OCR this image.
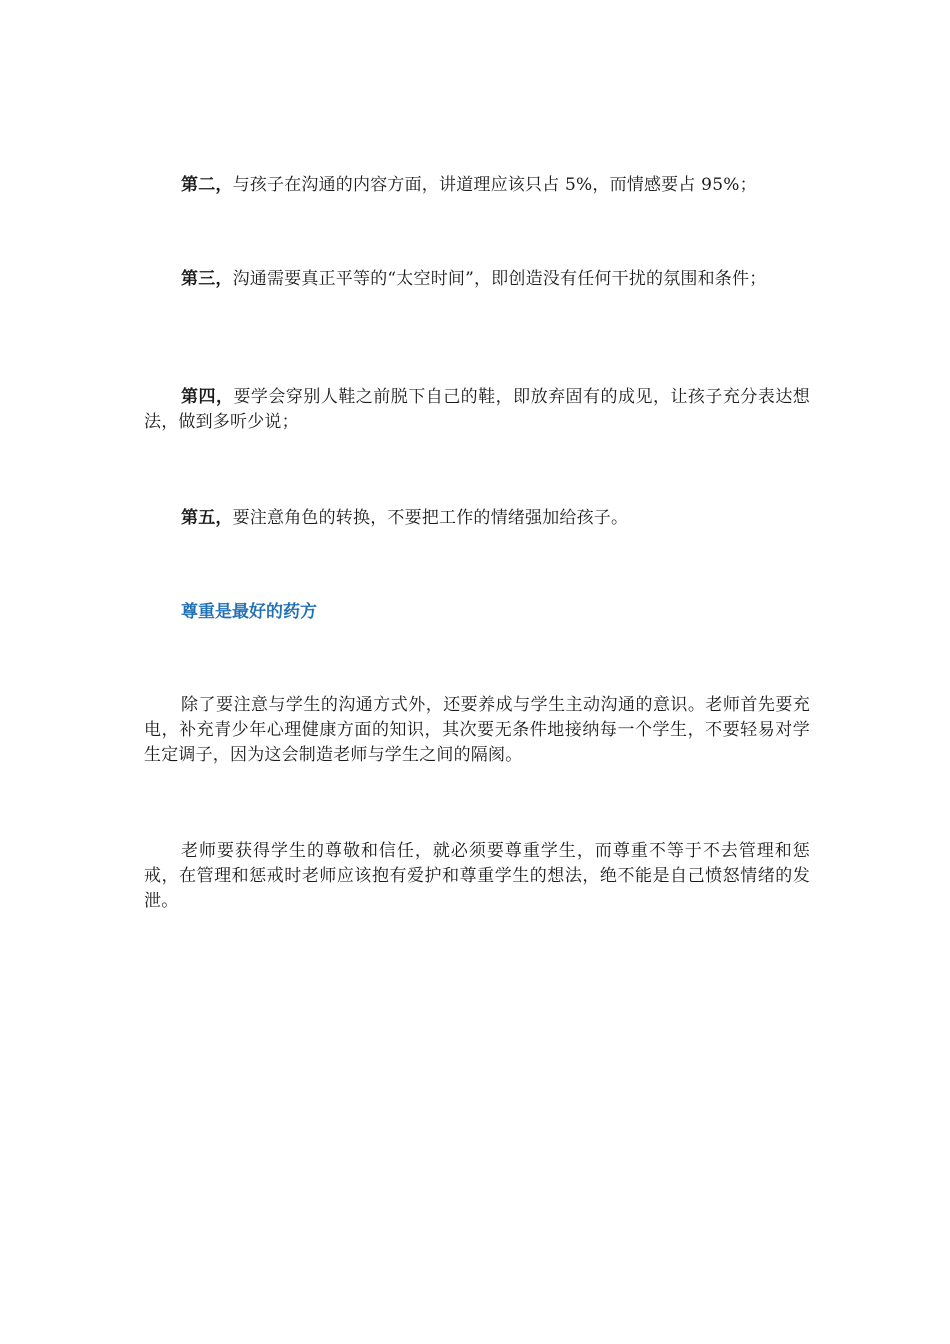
第二，与孩子在沟通的内容方面，讲道理应该只占 5%，而情感要占 95%；

第三，沟通需要真正平等的“太空时间”，即创造没有任何干扰的氛围和条件；

第四，要学会穿别人鞋之前脱下自己的鞋，即放弃固有的成见，让孩子充分表达想法，做到多听少说；

第五，要注意角色的转换，不要把工作的情绪强加给孩子。

尊重是最好的药方

除了要注意与学生的沟通方式外，还要养成与学生主动沟通的意识。老师首先要充电，补充青少年心理健康方面的知识，其次要无条件地接纳每一个学生，不要轻易对学生定调子，因为这会制造老师与学生之间的隔阂。

老师要获得学生的尊敬和信任，就必须要尊重学生，而尊重不等于不去管理和惩戒，在管理和惩戒时老师应该抱有爱护和尊重学生的想法，绝不能是自己愤怒情绪的发泄。
